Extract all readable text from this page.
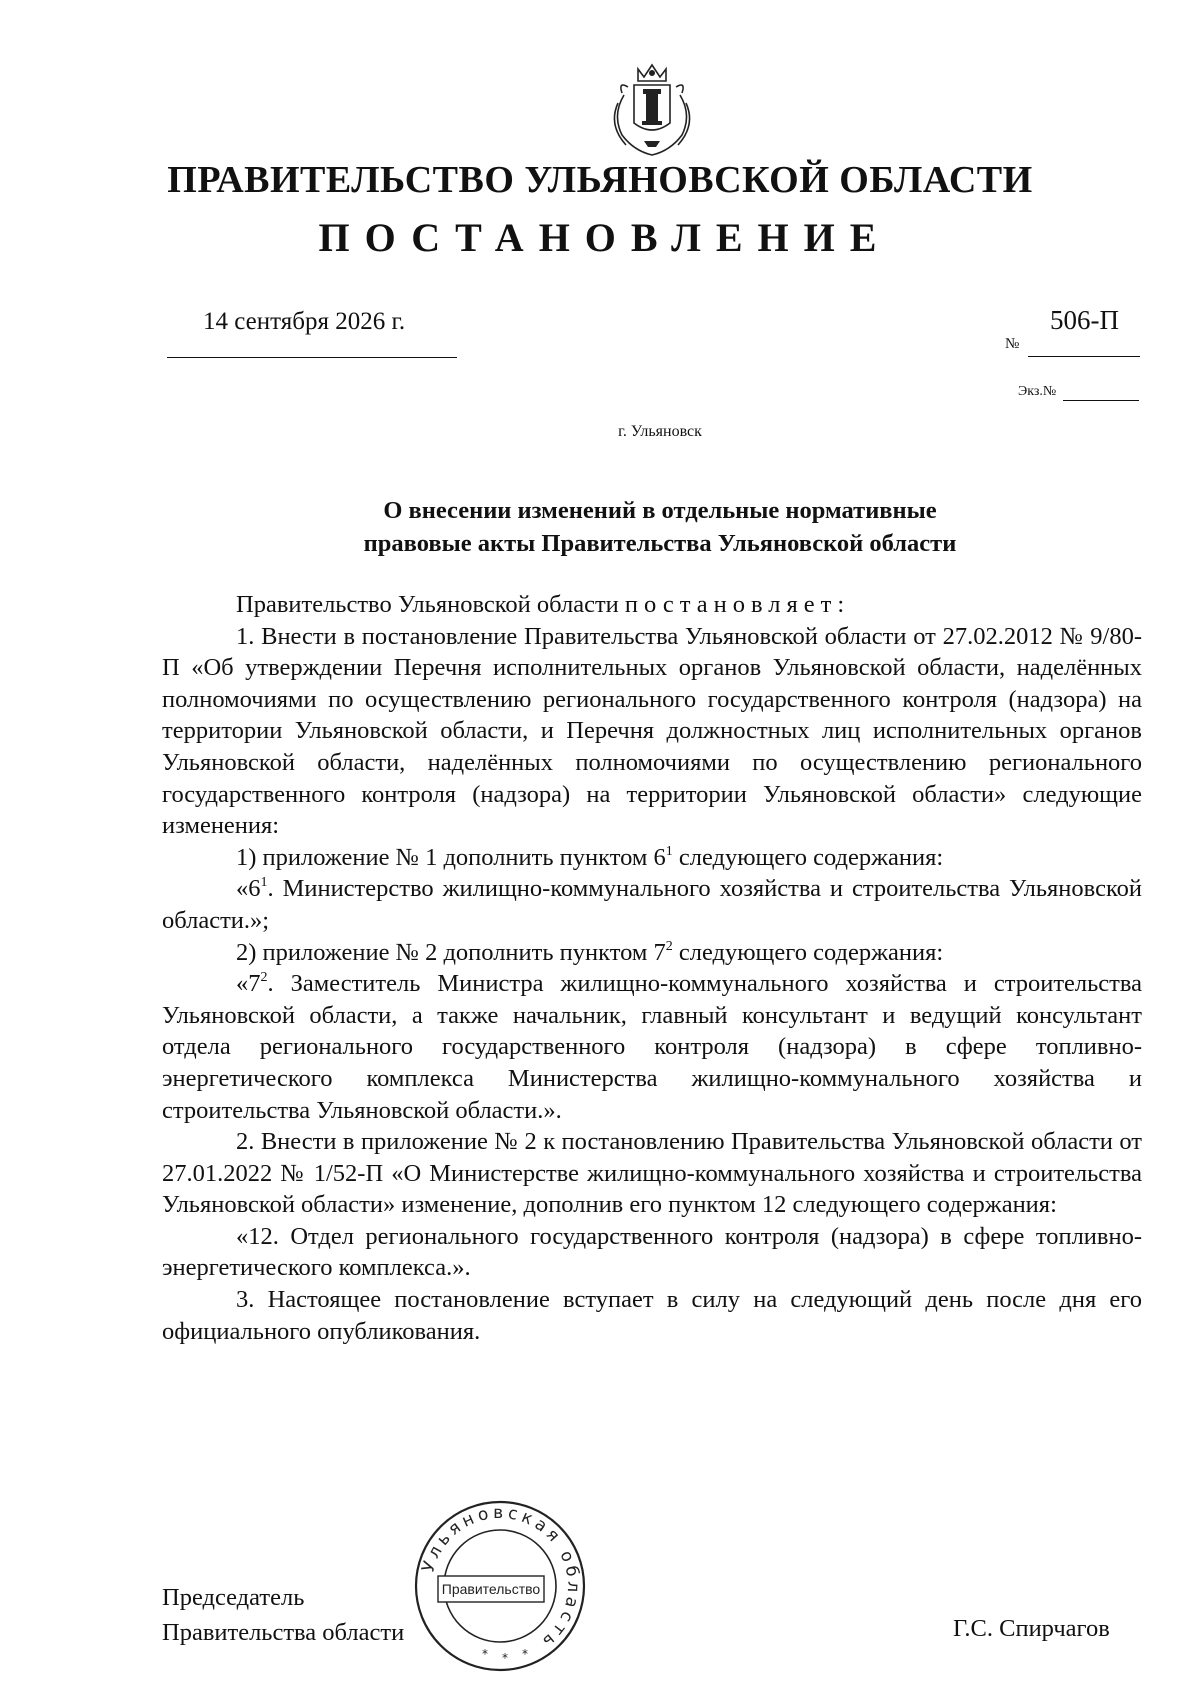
ПРАВИТЕЛЬСТВО УЛЬЯНОВСКОЙ ОБЛАСТИ
ПОСТАНОВЛЕНИЕ
14 сентября 2026 г.
№
506-П
Экз.№
г. Ульяновск
О внесении изменений в отдельные нормативные
правовые акты Правительства Ульяновской области

Правительство Ульяновской области постановляет:

1. Внести в постановление Правительства Ульяновской области от 27.02.2012 № 9/80-П «Об утверждении Перечня исполнительных органов Ульяновской области, наделённых полномочиями по осуществлению регионального государственного контроля (надзора) на территории Ульяновской области, и Перечня должностных лиц исполнительных органов Ульяновской области, наделённых полномочиями по осуществлению регионального государственного контроля (надзора) на территории Ульяновской области» следующие изменения:

1) приложение № 1 дополнить пунктом $6^1$ следующего содержания:

«$6^1$. Министерство жилищно-коммунального хозяйства и строительства Ульяновской области.»;

2) приложение № 2 дополнить пунктом $7^2$ следующего содержания:

«$7^2$. Заместитель Министра жилищно-коммунального хозяйства и строительства Ульяновской области, а также начальник, главный консультант и ведущий консультант отдела регионального государственного контроля (надзора) в сфере топливно-энергетического комплекса Министерства жилищно-коммунального хозяйства и строительства Ульяновской области.».

2. Внести в приложение № 2 к постановлению Правительства Ульяновской области от 27.01.2022 № 1/52-П «О Министерстве жилищно-коммунального хозяйства и строительства Ульяновской области» изменение, дополнив его пунктом 12 следующего содержания:

«12. Отдел регионального государственного контроля (надзора) в сфере топливно-энергетического комплекса.».

3. Настоящее постановление вступает в силу на следующий день после дня его официального опубликования.

Председатель
Правительства области	Г.С. Спирчагов
Ульяновская область
Правительство
* * *
